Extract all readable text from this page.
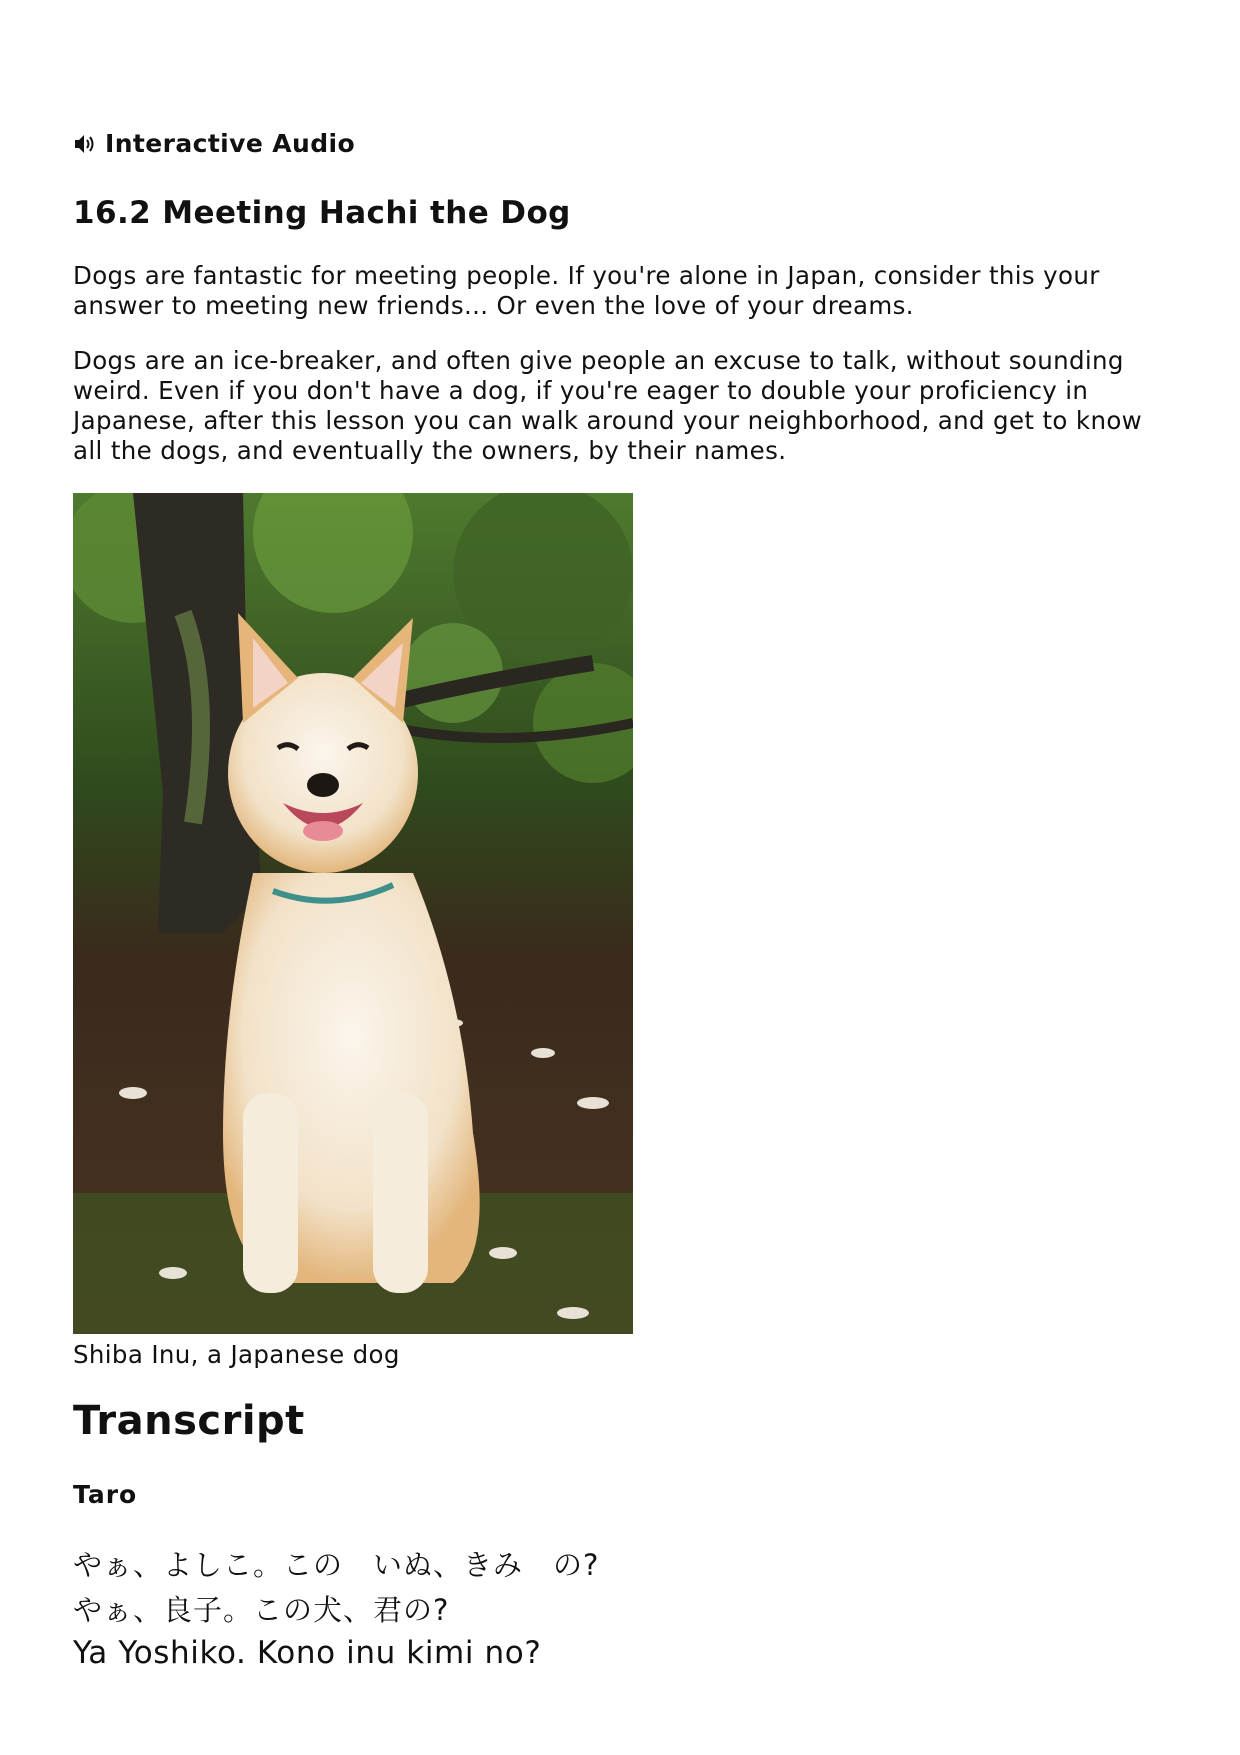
Interactive Audio
16.2 Meeting Hachi the Dog

Dogs are fantastic for meeting people. If you're alone in Japan, consider this your answer to meeting new friends... Or even the love of your dreams.

Dogs are an ice-breaker, and often give people an excuse to talk, without sounding weird. Even if you don't have a dog, if you're eager to double your proficiency in Japanese, after this lesson you can walk around your neighborhood, and get to know all the dogs, and eventually the owners, by their names.

Shiba Inu, a Japanese dog
Transcript
Taro
やぁ、よしこ。この　いぬ、きみ　の?
やぁ、良子。この犬、君の?
Ya Yoshiko. Kono inu kimi no?
